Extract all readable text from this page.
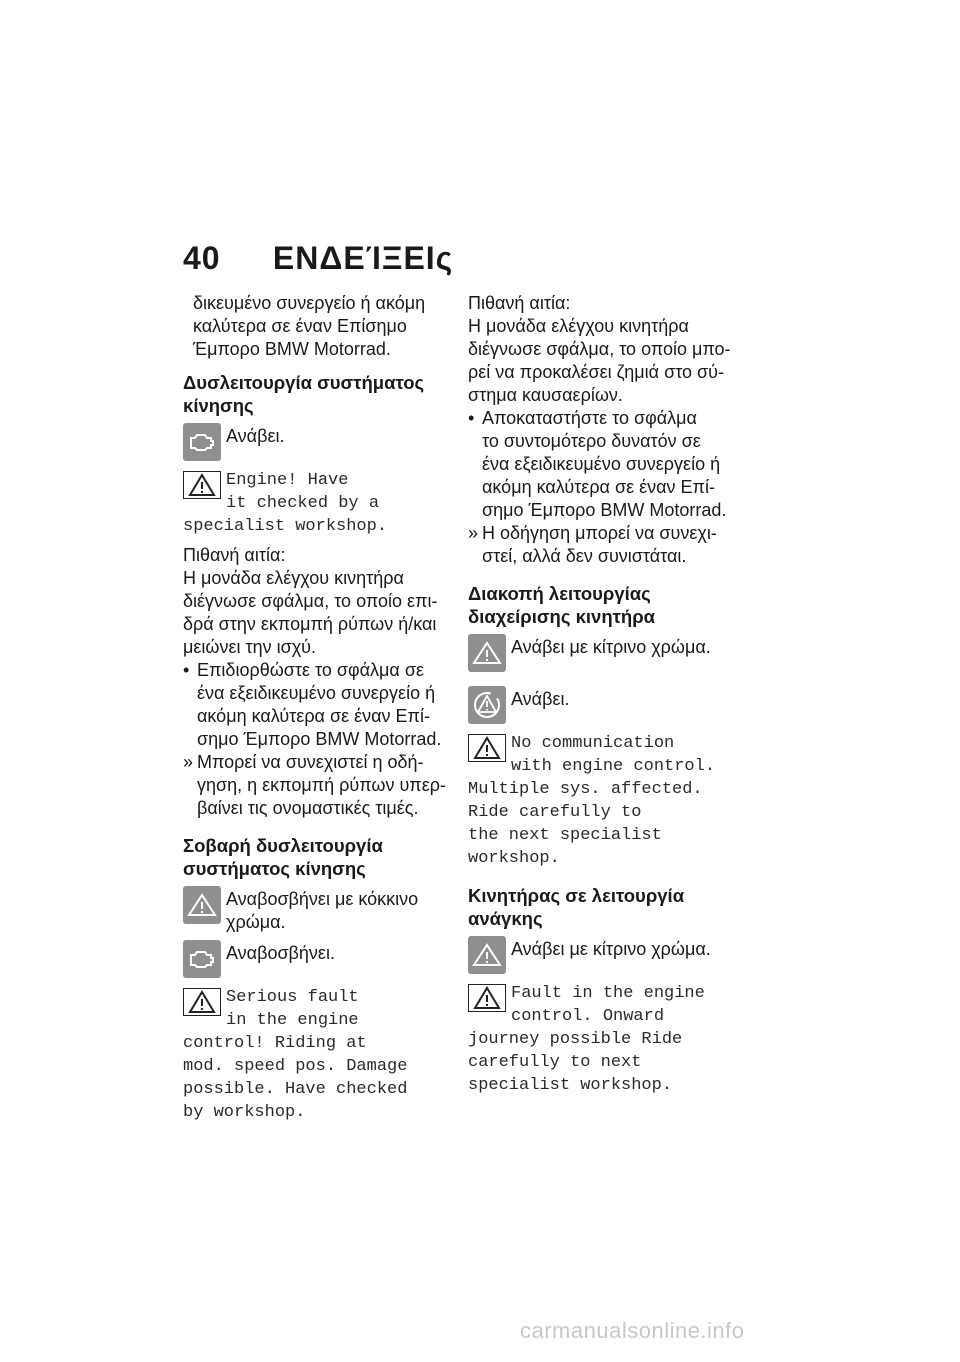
40 ΕΝΔΕΊΞΕΙς

δικευμένο συνεργείο ή ακόμη

καλύτερα σε έναν Επίσημο

Έμπορο BMW Motorrad.

Δυσλειτουργία συστήματος

κίνησης

Ανάβει.

Engine! Have

it checked by a

specialist workshop.

Πιθανή αιτία:

Η μονάδα ελέγχου κινητήρα

διέγνωσε σφάλμα, το οποίο επι-

δρά στην εκπομπή ρύπων ή/και

μειώνει την ισχύ.

• Επιδιορθώστε το σφάλμα σε

ένα εξειδικευμένο συνεργείο ή

ακόμη καλύτερα σε έναν Επί-

σημο Έμπορο BMW Motorrad.

» Μπορεί να συνεχιστεί η οδή-

γηση, η εκπομπή ρύπων υπερ-

βαίνει τις ονομαστικές τιμές.

Σοβαρή δυσλειτουργία

συστήματος κίνησης

Αναβοσβήνει με κόκκινο

χρώμα.

Αναβοσβήνει.

Serious fault

in the engine

control! Riding at

mod. speed pos. Damage

possible. Have checked

by workshop.

Πιθανή αιτία:

Η μονάδα ελέγχου κινητήρα

διέγνωσε σφάλμα, το οποίο μπο-

ρεί να προκαλέσει ζημιά στο σύ-

στημα καυσαερίων.

• Αποκαταστήστε το σφάλμα

το συντομότερο δυνατόν σε

ένα εξειδικευμένο συνεργείο ή

ακόμη καλύτερα σε έναν Επί-

σημο Έμπορο BMW Motorrad.

» Η οδήγηση μπορεί να συνεχι-

στεί, αλλά δεν συνιστάται.

Διακοπή λειτουργίας

διαχείρισης κινητήρα

Ανάβει με κίτρινο χρώμα.
Ανάβει.

No communication

with engine control.

Multiple sys. affected.

Ride carefully to

the next specialist

workshop.

Κινητήρας σε λειτουργία

ανάγκης

Ανάβει με κίτρινο χρώμα.

Fault in the engine

control. Onward

journey possible Ride

carefully to next

specialist workshop.

carmanualsonline.info
